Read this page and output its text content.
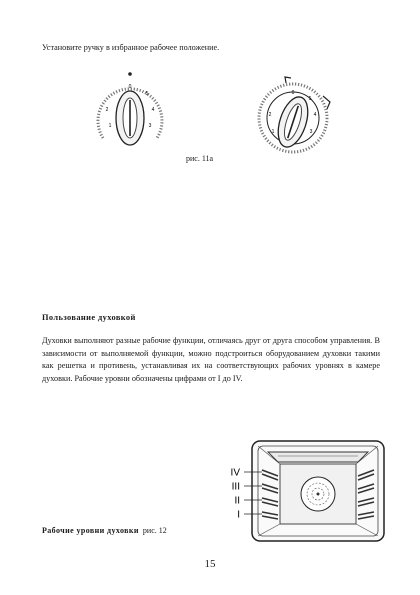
Установите ручку в избранное рабочее положение.
0
5
4
3
1
2
0
5
4
3
1
2
рис. 11а
Пользование духовкой
Духовки выполняют разные рабочие функции, отличаясь друг от друга способом управления. В зависимости от выполняемой функции, можно подстроиться оборудованием духовки такими как решетка и противень, устанавливая их на соответствующих рабочих уровнях в камере духовки. Рабочие уровни обозначены цифрами от I до IV.
IV
III
II
I
Рабочие уровни духовки рис. 12
15
